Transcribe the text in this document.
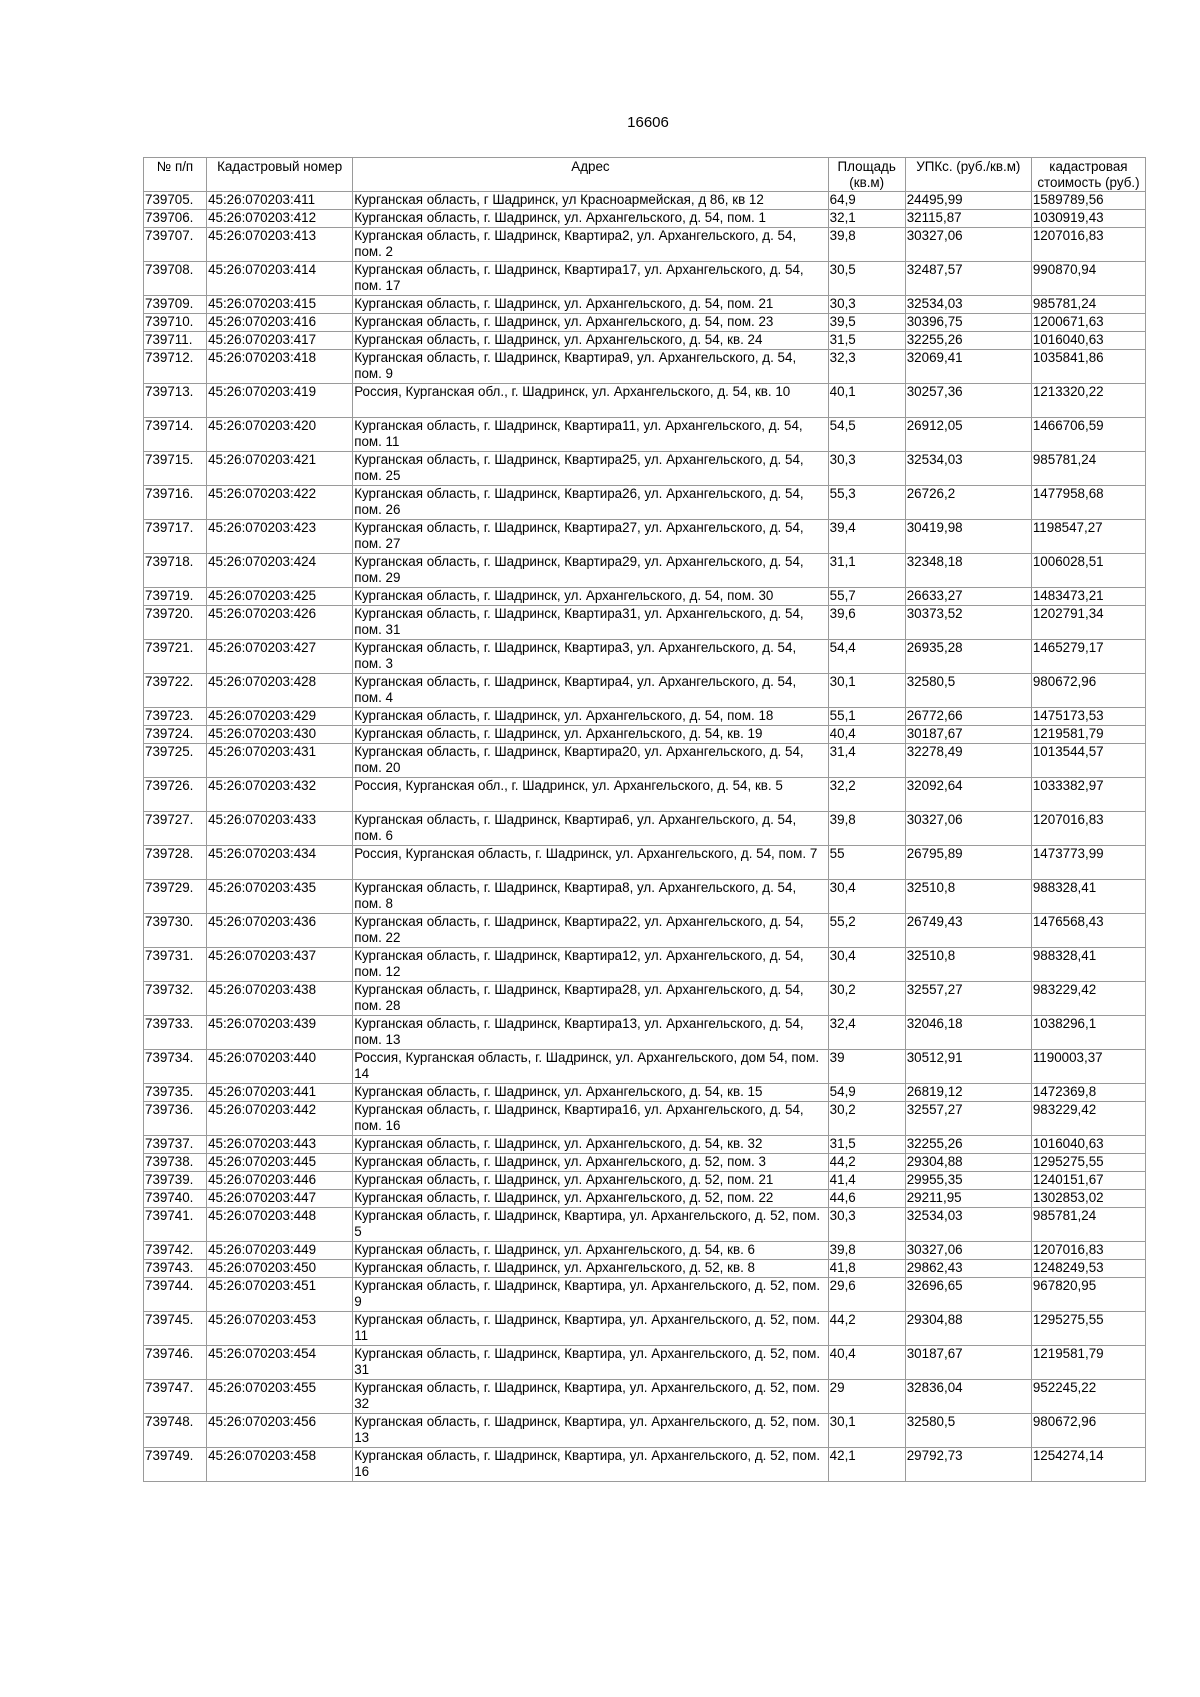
16606
№ п/п	Кадастровый номер	Адрес	Площадь (кв.м)	УПКс. (руб./кв.м)	кадастровая стоимость (руб.)
739705.	45:26:070203:411	Курганская область, г Шадринск, ул Красноармейская, д 86, кв 12	64,9	24495,99	1589789,56
739706.	45:26:070203:412	Курганская область, г. Шадринск, ул. Архангельского, д. 54, пом. 1	32,1	32115,87	1030919,43
739707.	45:26:070203:413	Курганская область, г. Шадринск, Квартира2, ул. Архангельского, д. 54, пом. 2	39,8	30327,06	1207016,83
739708.	45:26:070203:414	Курганская область, г. Шадринск, Квартира17, ул. Архангельского, д. 54, пом. 17	30,5	32487,57	990870,94
739709.	45:26:070203:415	Курганская область, г. Шадринск, ул. Архангельского, д. 54, пом. 21	30,3	32534,03	985781,24
739710.	45:26:070203:416	Курганская область, г. Шадринск, ул. Архангельского, д. 54, пом. 23	39,5	30396,75	1200671,63
739711.	45:26:070203:417	Курганская область, г. Шадринск, ул. Архангельского, д. 54, кв. 24	31,5	32255,26	1016040,63
739712.	45:26:070203:418	Курганская область, г. Шадринск, Квартира9, ул. Архангельского, д. 54, пом. 9	32,3	32069,41	1035841,86
739713.	45:26:070203:419	Россия, Курганская обл., г. Шадринск, ул. Архангельского, д. 54, кв. 10	40,1	30257,36	1213320,22
739714.	45:26:070203:420	Курганская область, г. Шадринск, Квартира11, ул. Архангельского, д. 54, пом. 11	54,5	26912,05	1466706,59
739715.	45:26:070203:421	Курганская область, г. Шадринск, Квартира25, ул. Архангельского, д. 54, пом. 25	30,3	32534,03	985781,24
739716.	45:26:070203:422	Курганская область, г. Шадринск, Квартира26, ул. Архангельского, д. 54, пом. 26	55,3	26726,2	1477958,68
739717.	45:26:070203:423	Курганская область, г. Шадринск, Квартира27, ул. Архангельского, д. 54, пом. 27	39,4	30419,98	1198547,27
739718.	45:26:070203:424	Курганская область, г. Шадринск, Квартира29, ул. Архангельского, д. 54, пом. 29	31,1	32348,18	1006028,51
739719.	45:26:070203:425	Курганская область, г. Шадринск, ул. Архангельского, д. 54, пом. 30	55,7	26633,27	1483473,21
739720.	45:26:070203:426	Курганская область, г. Шадринск, Квартира31, ул. Архангельского, д. 54, пом. 31	39,6	30373,52	1202791,34
739721.	45:26:070203:427	Курганская область, г. Шадринск, Квартира3, ул. Архангельского, д. 54, пом. 3	54,4	26935,28	1465279,17
739722.	45:26:070203:428	Курганская область, г. Шадринск, Квартира4, ул. Архангельского, д. 54, пом. 4	30,1	32580,5	980672,96
739723.	45:26:070203:429	Курганская область, г. Шадринск, ул. Архангельского, д. 54, пом. 18	55,1	26772,66	1475173,53
739724.	45:26:070203:430	Курганская область, г. Шадринск, ул. Архангельского, д. 54, кв. 19	40,4	30187,67	1219581,79
739725.	45:26:070203:431	Курганская область, г. Шадринск, Квартира20, ул. Архангельского, д. 54, пом. 20	31,4	32278,49	1013544,57
739726.	45:26:070203:432	Россия, Курганская обл., г. Шадринск, ул. Архангельского, д. 54, кв. 5	32,2	32092,64	1033382,97
739727.	45:26:070203:433	Курганская область, г. Шадринск, Квартира6, ул. Архангельского, д. 54, пом. 6	39,8	30327,06	1207016,83
739728.	45:26:070203:434	Россия, Курганская область, г. Шадринск, ул. Архангельского, д. 54, пом. 7	55	26795,89	1473773,99
739729.	45:26:070203:435	Курганская область, г. Шадринск, Квартира8, ул. Архангельского, д. 54, пом. 8	30,4	32510,8	988328,41
739730.	45:26:070203:436	Курганская область, г. Шадринск, Квартира22, ул. Архангельского, д. 54, пом. 22	55,2	26749,43	1476568,43
739731.	45:26:070203:437	Курганская область, г. Шадринск, Квартира12, ул. Архангельского, д. 54, пом. 12	30,4	32510,8	988328,41
739732.	45:26:070203:438	Курганская область, г. Шадринск, Квартира28, ул. Архангельского, д. 54, пом. 28	30,2	32557,27	983229,42
739733.	45:26:070203:439	Курганская область, г. Шадринск, Квартира13, ул. Архангельского, д. 54, пом. 13	32,4	32046,18	1038296,1
739734.	45:26:070203:440	Россия, Курганская область, г. Шадринск, ул. Архангельского, дом 54, пом. 14	39	30512,91	1190003,37
739735.	45:26:070203:441	Курганская область, г. Шадринск, ул. Архангельского, д. 54, кв. 15	54,9	26819,12	1472369,8
739736.	45:26:070203:442	Курганская область, г. Шадринск, Квартира16, ул. Архангельского, д. 54, пом. 16	30,2	32557,27	983229,42
739737.	45:26:070203:443	Курганская область, г. Шадринск, ул. Архангельского, д. 54, кв. 32	31,5	32255,26	1016040,63
739738.	45:26:070203:445	Курганская область, г. Шадринск, ул. Архангельского, д. 52, пом. 3	44,2	29304,88	1295275,55
739739.	45:26:070203:446	Курганская область, г. Шадринск, ул. Архангельского, д. 52, пом. 21	41,4	29955,35	1240151,67
739740.	45:26:070203:447	Курганская область, г. Шадринск, ул. Архангельского, д. 52, пом. 22	44,6	29211,95	1302853,02
739741.	45:26:070203:448	Курганская область, г. Шадринск, Квартира, ул. Архангельского, д. 52, пом. 5	30,3	32534,03	985781,24
739742.	45:26:070203:449	Курганская область, г. Шадринск, ул. Архангельского, д. 54, кв. 6	39,8	30327,06	1207016,83
739743.	45:26:070203:450	Курганская область, г. Шадринск, ул. Архангельского, д. 52, кв. 8	41,8	29862,43	1248249,53
739744.	45:26:070203:451	Курганская область, г. Шадринск, Квартира, ул. Архангельского, д. 52, пом. 9	29,6	32696,65	967820,95
739745.	45:26:070203:453	Курганская область, г. Шадринск, Квартира, ул. Архангельского, д. 52, пом. 11	44,2	29304,88	1295275,55
739746.	45:26:070203:454	Курганская область, г. Шадринск, Квартира, ул. Архангельского, д. 52, пом. 31	40,4	30187,67	1219581,79
739747.	45:26:070203:455	Курганская область, г. Шадринск, Квартира, ул. Архангельского, д. 52, пом. 32	29	32836,04	952245,22
739748.	45:26:070203:456	Курганская область, г. Шадринск, Квартира, ул. Архангельского, д. 52, пом. 13	30,1	32580,5	980672,96
739749.	45:26:070203:458	Курганская область, г. Шадринск, Квартира, ул. Архангельского, д. 52, пом. 16	42,1	29792,73	1254274,14
